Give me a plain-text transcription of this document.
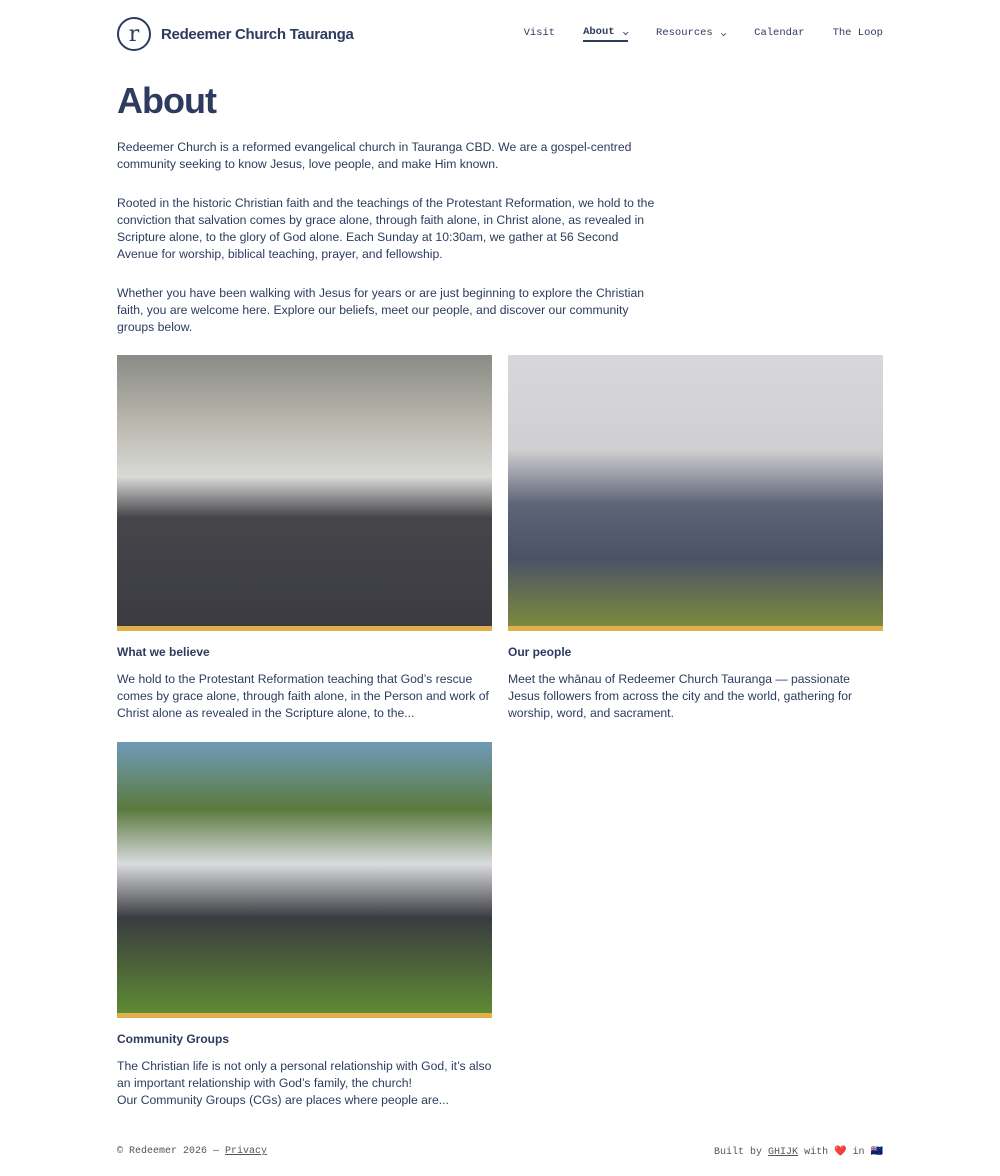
r	Redeemer Church Tauranga	Visit	About ⌄	Resources ⌄	Calendar	The Loop
About

Redeemer Church is a reformed evangelical church in Tauranga CBD. We are a gospel-centred community seeking to know Jesus, love people, and make Him known.

Rooted in the historic Christian faith and the teachings of the Protestant Reformation, we hold to the conviction that salvation comes by grace alone, through faith alone, in Christ alone, as revealed in Scripture alone, to the glory of God alone. Each Sunday at 10:30am, we gather at 56 Second Avenue for worship, biblical teaching, prayer, and fellowship.

Whether you have been walking with Jesus for years or are just beginning to explore the Christian faith, you are welcome here. Explore our beliefs, meet our people, and discover our community groups below.

What we believe

We hold to the Protestant Reformation teaching that God’s rescue comes by grace alone, through faith alone, in the Person and work of Christ alone as revealed in the Scripture alone, to the...

Our people

Meet the whānau of Redeemer Church Tauranga — passionate Jesus followers from across the city and the world, gathering for worship, word, and sacrament.

Community Groups

The Christian life is not only a personal relationship with God, it’s also an important relationship with God’s family, the church!
Our Community Groups (CGs) are places where people are...

© Redeemer 2026 — Privacy	Built by GHIJK with ❤️ in 🇳🇿
